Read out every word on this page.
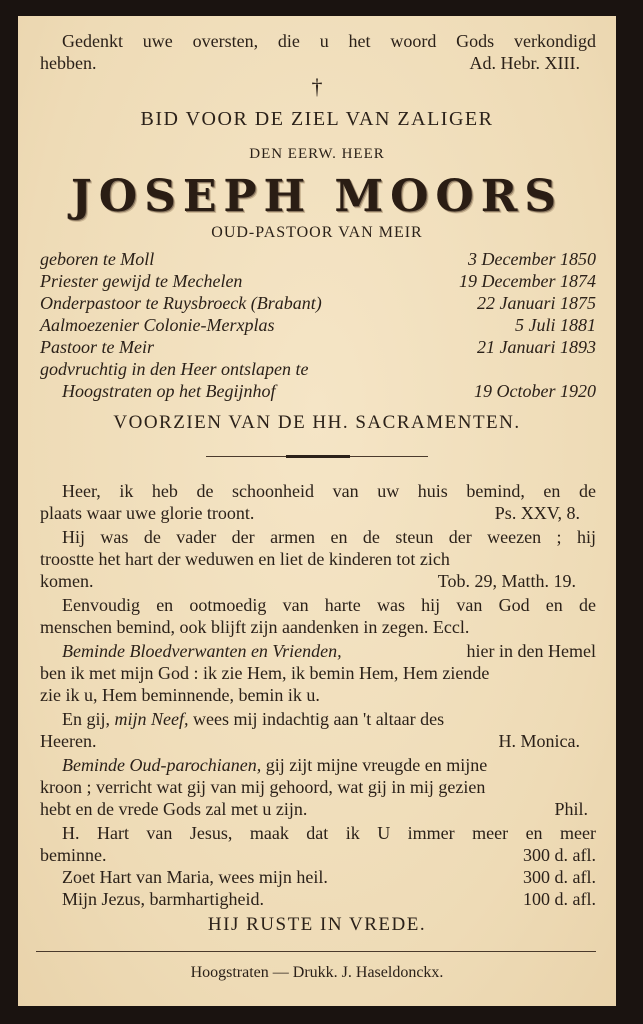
Gedenkt uwe oversten, die u het woord Gods verkondigd
hebben.	Ad. Hebr. XIII.
†
BID VOOR DE ZIEL VAN ZALIGER
DEN EERW. HEER
JOSEPH MOORS
OUD-PASTOOR VAN MEIR
geboren te Moll	3 December 1850
Priester gewijd te Mechelen	19 December 1874
Onderpastoor te Ruysbroeck (Brabant)	22 Januari 1875
Aalmoezenier Colonie-Merxplas	5 Juli 1881
Pastoor te Meir	21 Januari 1893
godvruchtig in den Heer ontslapen te
Hoogstraten op het Begijnhof	19 October 1920
VOORZIEN VAN DE HH. SACRAMENTEN.
Heer, ik heb de schoonheid van uw huis bemind, en de
plaats waar uwe glorie troont.	Ps. XXV, 8.
Hij was de vader der armen en de steun der weezen ; hij
troostte het hart der weduwen en liet de kinderen tot zich
komen.	Tob. 29, Matth. 19.
Eenvoudig en ootmoedig van harte was hij van God en de
menschen bemind, ook blijft zijn aandenken in zegen. Eccl.
Beminde Bloedverwanten en Vrienden,	hier in den Hemel
ben ik met mijn God : ik zie Hem, ik bemin Hem, Hem ziende
zie ik u, Hem beminnende, bemin ik u.
En gij, mijn Neef, wees mij indachtig aan 't altaar des
Heeren.	H. Monica.
Beminde Oud-parochianen, gij zijt mijne vreugde en mijne
kroon ; verricht wat gij van mij gehoord, wat gij in mij gezien
hebt en de vrede Gods zal met u zijn.	Phil.
H. Hart van Jesus, maak dat ik U immer meer en meer
beminne.	300 d. afl.
Zoet Hart van Maria, wees mijn heil.	300 d. afl.
Mijn Jezus, barmhartigheid.	100 d. afl.
HIJ RUSTE IN VREDE.
Hoogstraten — Drukk. J. Haseldonckx.
